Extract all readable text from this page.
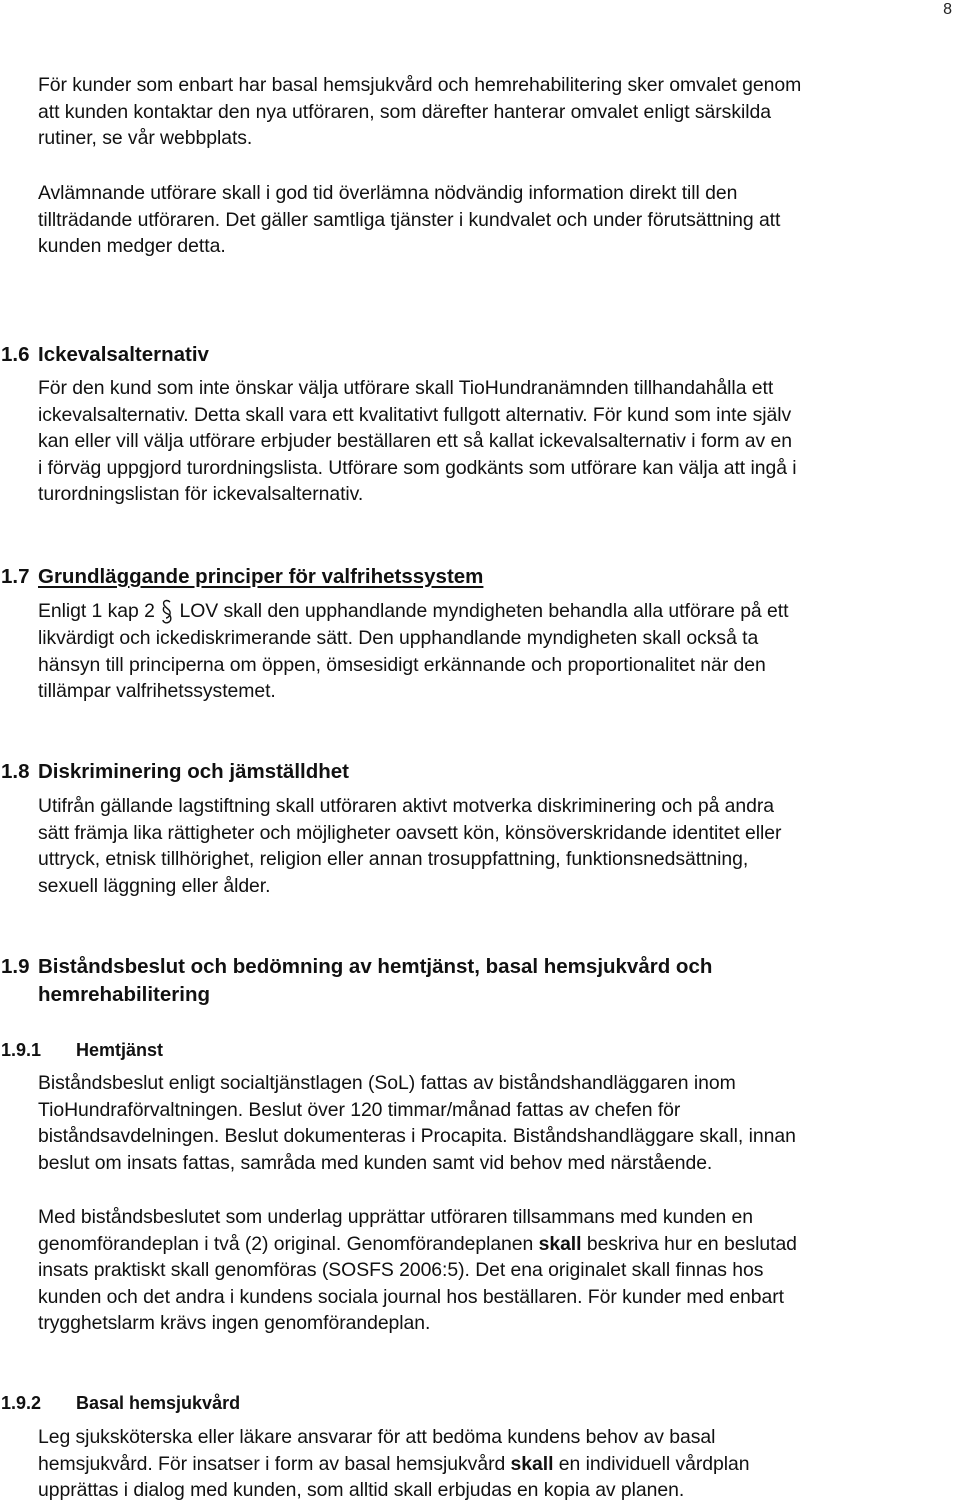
8
För kunder som enbart har basal hemsjukvård och hemrehabilitering sker omvalet genom
att kunden kontaktar den nya utföraren, som därefter hanterar omvalet enligt särskilda
rutiner, se vår webbplats.
Avlämnande utförare skall i god tid överlämna nödvändig information direkt till den
tillträdande utföraren. Det gäller samtliga tjänster i kundvalet och under förutsättning att
kunden medger detta.
1.6 Ickevalsalternativ
För den kund som inte önskar välja utförare skall TioHundranämnden tillhandahålla ett
ickevalsalternativ. Detta skall vara ett kvalitativt fullgott alternativ. För kund som inte själv
kan eller vill välja utförare erbjuder beställaren ett så kallat ickevalsalternativ i form av en
i förväg uppgjord turordningslista. Utförare som godkänts som utförare kan välja att ingå i
turordningslistan för ickevalsalternativ.
1.7 Grundläggande principer för valfrihetssystem
Enligt 1 kap 2  LOV skall den upphandlande myndigheten behandla alla utförare på ett
likvärdigt och ickediskrimerande sätt. Den upphandlande myndigheten skall också ta
hänsyn till principerna om öppen, ömsesidigt erkännande och proportionalitet när den
tillämpar valfrihetssystemet.
1.8 Diskriminering och jämställdhet
Utifrån gällande lagstiftning skall utföraren aktivt motverka diskriminering och på andra
sätt främja lika rättigheter och möjligheter oavsett kön, könsöverskridande identitet eller
uttryck, etnisk tillhörighet, religion eller annan trosuppfattning, funktionsnedsättning,
sexuell läggning eller ålder.
1.9 Biståndsbeslut och bedömning av hemtjänst, basal hemsjukvård och
hemrehabilitering
1.9.1 Hemtjänst
Biståndsbeslut enligt socialtjänstlagen (SoL) fattas av biståndshandläggaren inom
TioHundraförvaltningen. Beslut över 120 timmar/månad fattas av chefen för
biståndsavdelningen. Beslut dokumenteras i Procapita. Biståndshandläggare skall, innan
beslut om insats fattas, samråda med kunden samt vid behov med närstående.
Med biståndsbeslutet som underlag upprättar utföraren tillsammans med kunden en
genomförandeplan i två (2) original. Genomförandeplanen skall beskriva hur en beslutad
insats praktiskt skall genomföras (SOSFS 2006:5). Det ena originalet skall finnas hos
kunden och det andra i kundens sociala journal hos beställaren. För kunder med enbart
trygghetslarm krävs ingen genomförandeplan.
1.9.2 Basal hemsjukvård
Leg sjuksköterska eller läkare ansvarar för att bedöma kundens behov av basal
hemsjukvård. För insatser i form av basal hemsjukvård skall en individuell vårdplan
upprättas i dialog med kunden, som alltid skall erbjudas en kopia av planen.
